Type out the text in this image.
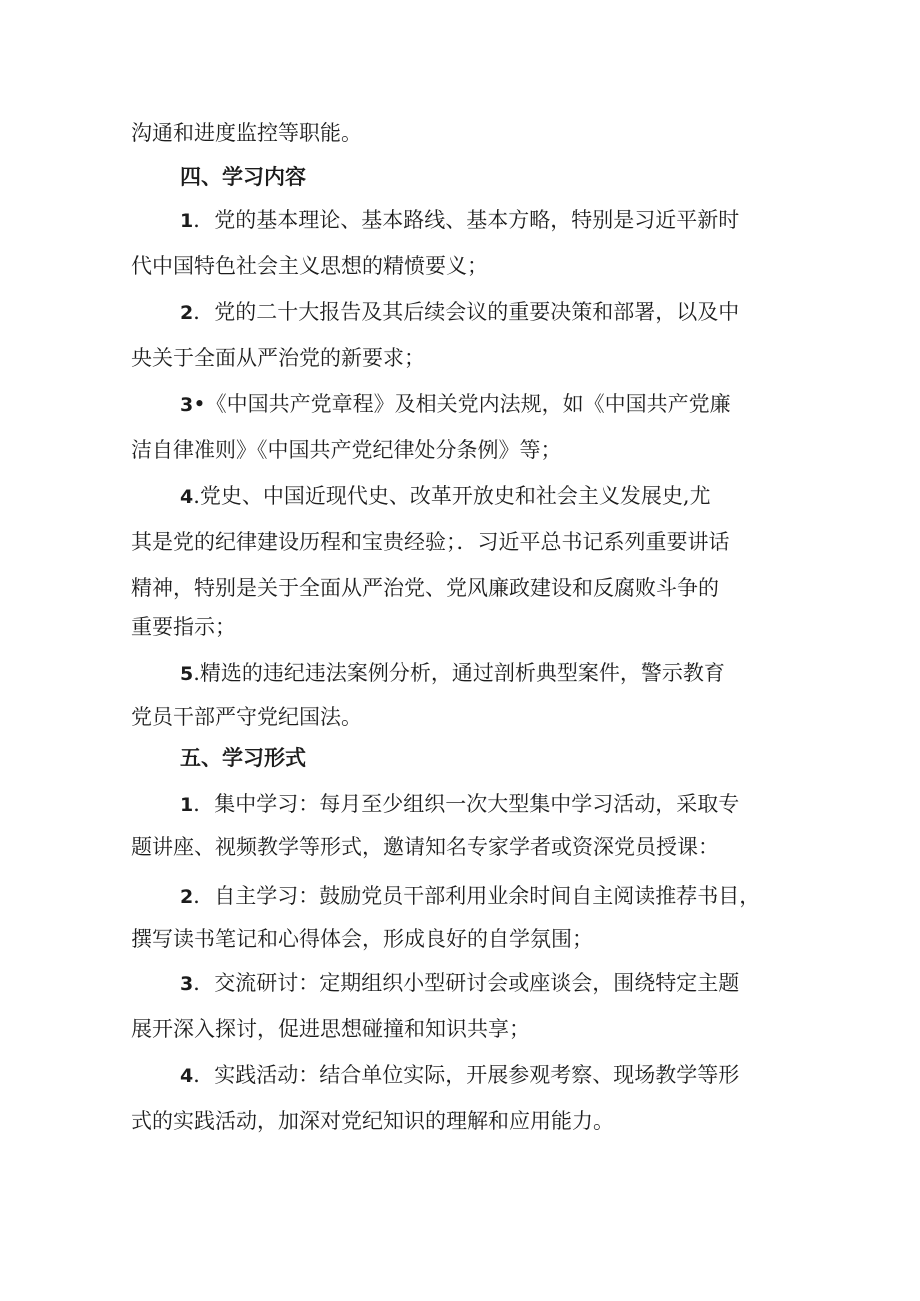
沟通和进度监控等职能。
四、学习内容
1．党的基本理论、基本路线、基本方略，特别是习近平新时
代中国特色社会主义思想的精愤要义；
2．党的二十大报告及其后续会议的重要决策和部署，以及中
央关于全面从严治党的新要求；
3•《中国共产党章程》及相关党内法规，如《中国共产党廉
洁自律准则》《中国共产党纪律处分条例》等；
4.党史、中国近现代史、改革开放史和社会主义发展史,尤
其是党的纪律建设历程和宝贵经验；．习近平总书记系列重要讲话
精神，特别是关于全面从严治党、党风廉政建设和反腐败斗争的
重要指示；
5.精选的违纪违法案例分析，通过剖析典型案件，警示教育
党员干部严守党纪国法。
五、学习形式
1．集中学习：每月至少组织一次大型集中学习活动，采取专
题讲座、视频教学等形式，邀请知名专家学者或资深党员授课：
2．自主学习：鼓励党员干部利用业余时间自主阅读推荐书目，
撰写读书笔记和心得体会，形成良好的自学氛围；
3．交流研讨：定期组织小型研讨会或座谈会，围绕特定主题
展开深入探讨，促进思想碰撞和知识共享；
4．实践活动：结合单位实际，开展参观考察、现场教学等形
式的实践活动，加深对党纪知识的理解和应用能力。
